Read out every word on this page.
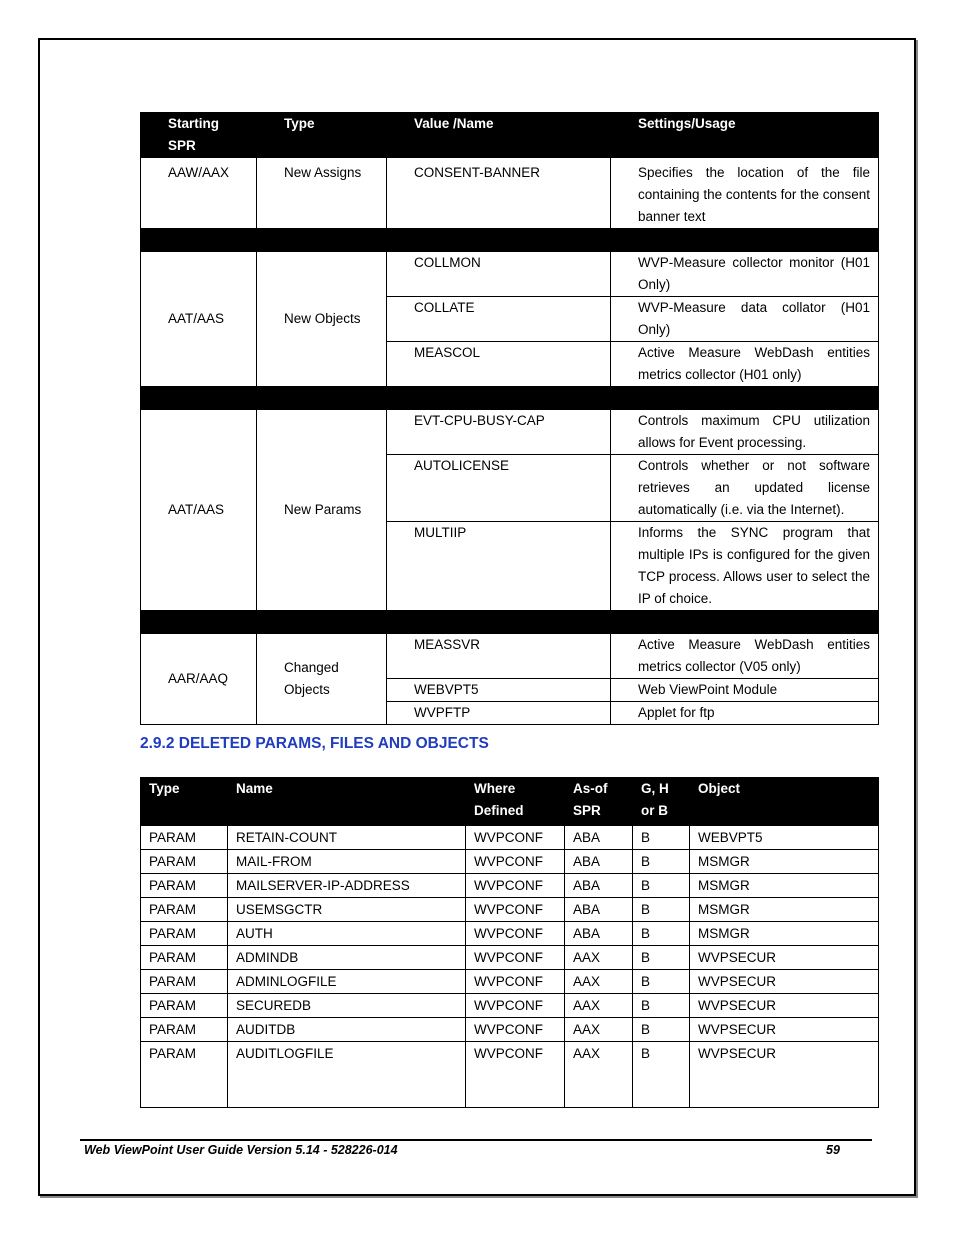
Starting SPR	Type	Value /Name	Settings/Usage
AAW/AAX	New Assigns	CONSENT-BANNER	Specifies the location of the file containing the contents for the consent banner text

AAT/AAS	New Objects	COLLMON	WVP-Measure collector monitor (H01 Only)
		COLLATE	WVP-Measure data collator (H01 Only)
		MEASCOL	Active Measure WebDash entities metrics collector (H01 only)

AAT/AAS	New Params	EVT-CPU-BUSY-CAP	Controls maximum CPU utilization allows for Event processing.
		AUTOLICENSE	Controls whether or not software retrieves an updated license automatically (i.e. via the Internet).
		MULTIIP	Informs the SYNC program that multiple IPs is configured for the given TCP process. Allows user to select the IP of choice.

AAR/AAQ	Changed Objects	MEASSVR	Active Measure WebDash entities metrics collector (V05 only)
		WEBVPT5	Web ViewPoint Module
		WVPFTP	Applet for ftp
2.9.2 DELETED PARAMS, FILES AND OBJECTS
Type	Name	Where Defined	As-of SPR	G, H or B	Object
PARAM	RETAIN-COUNT	WVPCONF	ABA	B	WEBVPT5
PARAM	MAIL-FROM	WVPCONF	ABA	B	MSMGR
PARAM	MAILSERVER-IP-ADDRESS	WVPCONF	ABA	B	MSMGR
PARAM	USEMSGCTR	WVPCONF	ABA	B	MSMGR
PARAM	AUTH	WVPCONF	ABA	B	MSMGR
PARAM	ADMINDB	WVPCONF	AAX	B	WVPSECUR
PARAM	ADMINLOGFILE	WVPCONF	AAX	B	WVPSECUR
PARAM	SECUREDB	WVPCONF	AAX	B	WVPSECUR
PARAM	AUDITDB	WVPCONF	AAX	B	WVPSECUR
PARAM	AUDITLOGFILE	WVPCONF	AAX	B	WVPSECUR
Web ViewPoint User Guide Version 5.14 - 528226-014	59
